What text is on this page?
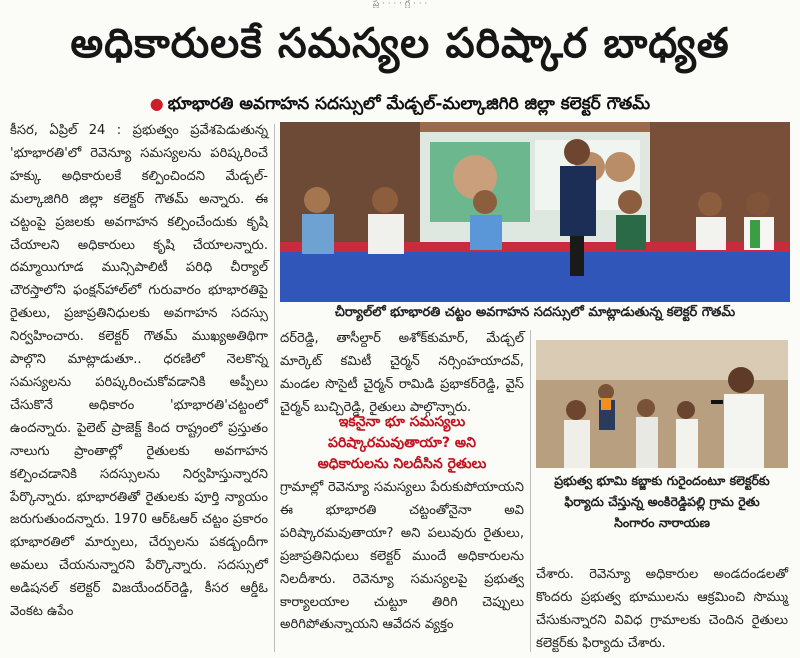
ప్ర · · · · గ్ర · · ·
అధికారులకే సమస్యల పరిష్కార బాధ్యత
● భూభారతి అవగాహన సదస్సులో మేడ్చల్-మల్కాజిగిరి జిల్లా కలెక్టర్ గౌతమ్

కీసర, ఏప్రిల్ 24 : ప్రభుత్వం ప్రవేశపెడుతున్న 'భూభారతి'లో రెవెన్యూ సమస్యలను పరిష్కరించే హక్కు అధికారులకే కల్పించిందని మేడ్చల్-మల్కాజిగిరి జిల్లా కలెక్టర్ గౌతమ్ అన్నారు. ఈ చట్టంపై ప్రజలకు అవగాహన కల్పించేందుకు కృషి చేయాలని అధికారులు కృషి చేయాలన్నారు. దమ్మాయిగూడ మున్సిపాలిటీ పరిధి చీర్యాల్ చౌరస్తాలోని ఫంక్షన్‌హాల్‌లో గురువారం భూభారతిపై రైతులు, ప్రజాప్రతినిధులకు అవగాహన సదస్సు నిర్వహించారు. కలెక్టర్ గౌతమ్ ముఖ్యఅతిథిగా పాల్గొని మాట్లాడుతూ.. ధరణిలో నెలకొన్న సమస్యలను పరిష్కరించుకోవడానికి అప్పీలు చేసుకొనే అధికారం 'భూభారతి'చట్టంలో ఉందన్నారు. పైలెట్ ప్రాజెక్ట్ కింద రాష్ట్రంలో ప్రస్తుతం నాలుగు ప్రాంతాల్లో రైతులకు అవగాహన కల్పించడానికి సదస్సులను నిర్వహిస్తున్నారని పేర్కొన్నారు. భూభారతితో రైతులకు పూర్తి న్యాయం జరుగుతుందన్నారు. 1970 ఆర్ఓఆర్ చట్టం ప్రకారం భూభారతిలో మార్పులు, చేర్పులను పకడ్బందీగా అమలు చేయనున్నారని పేర్కొన్నారు. సదస్సులో అడిషనల్ కలెక్టర్ విజయేందర్‌రెడ్డి, కీసర ఆర్డీఓ వెంకట ఉపేం

చీర్యాల్‌లో భూభారతి చట్టం అవగాహన సదస్సులో మాట్లాడుతున్న కలెక్టర్ గౌతమ్

దర్‌రెడ్డి, తాసీల్దార్ అశోక్‌కుమార్, మేడ్చల్ మార్కెట్ కమిటీ చైర్మన్ నర్సింహయాదవ్, మండల సొసైటీ చైర్మన్ రామిడి ప్రభాకర్‌రెడ్డి, వైస్ చైర్మన్ బుచ్చిరెడ్డి, రైతులు పాల్గొన్నారు.

ఇకనైనా భూ సమస్యలు
పరిష్కారమవుతాయా? అని
అధికారులను నిలదీసిన రైతులు

గ్రామాల్లో రెవెన్యూ సమస్యలు పేరుకుపోయాయని ఈ భూభారతి చట్టంతోనైనా అవి పరిష్కారమవుతాయా? అని పలువురు రైతులు, ప్రజాప్రతినిధులు కలెక్టర్ ముందే అధికారులను నిలదీశారు. రెవెన్యూ సమస్యలపై ప్రభుత్వ కార్యాలయాల చుట్టూ తిరిగి చెప్పులు అరిగిపోతున్నాయని ఆవేదన వ్యక్తం

ప్రభుత్వ భూమి కబ్జాకు గురైందంటూ కలెక్టర్‌కు
ఫిర్యాదు చేస్తున్న అంకిరెడ్డిపల్లి గ్రామ రైతు
సింగారం నారాయణ

చేశారు. రెవెన్యూ అధికారుల అండదండలతో కొందరు ప్రభుత్వ భూములను ఆక్రమించి సొమ్ము చేసుకున్నారని వివిధ గ్రామాలకు చెందిన రైతులు కలెక్టర్‌కు ఫిర్యాదు చేశారు.
